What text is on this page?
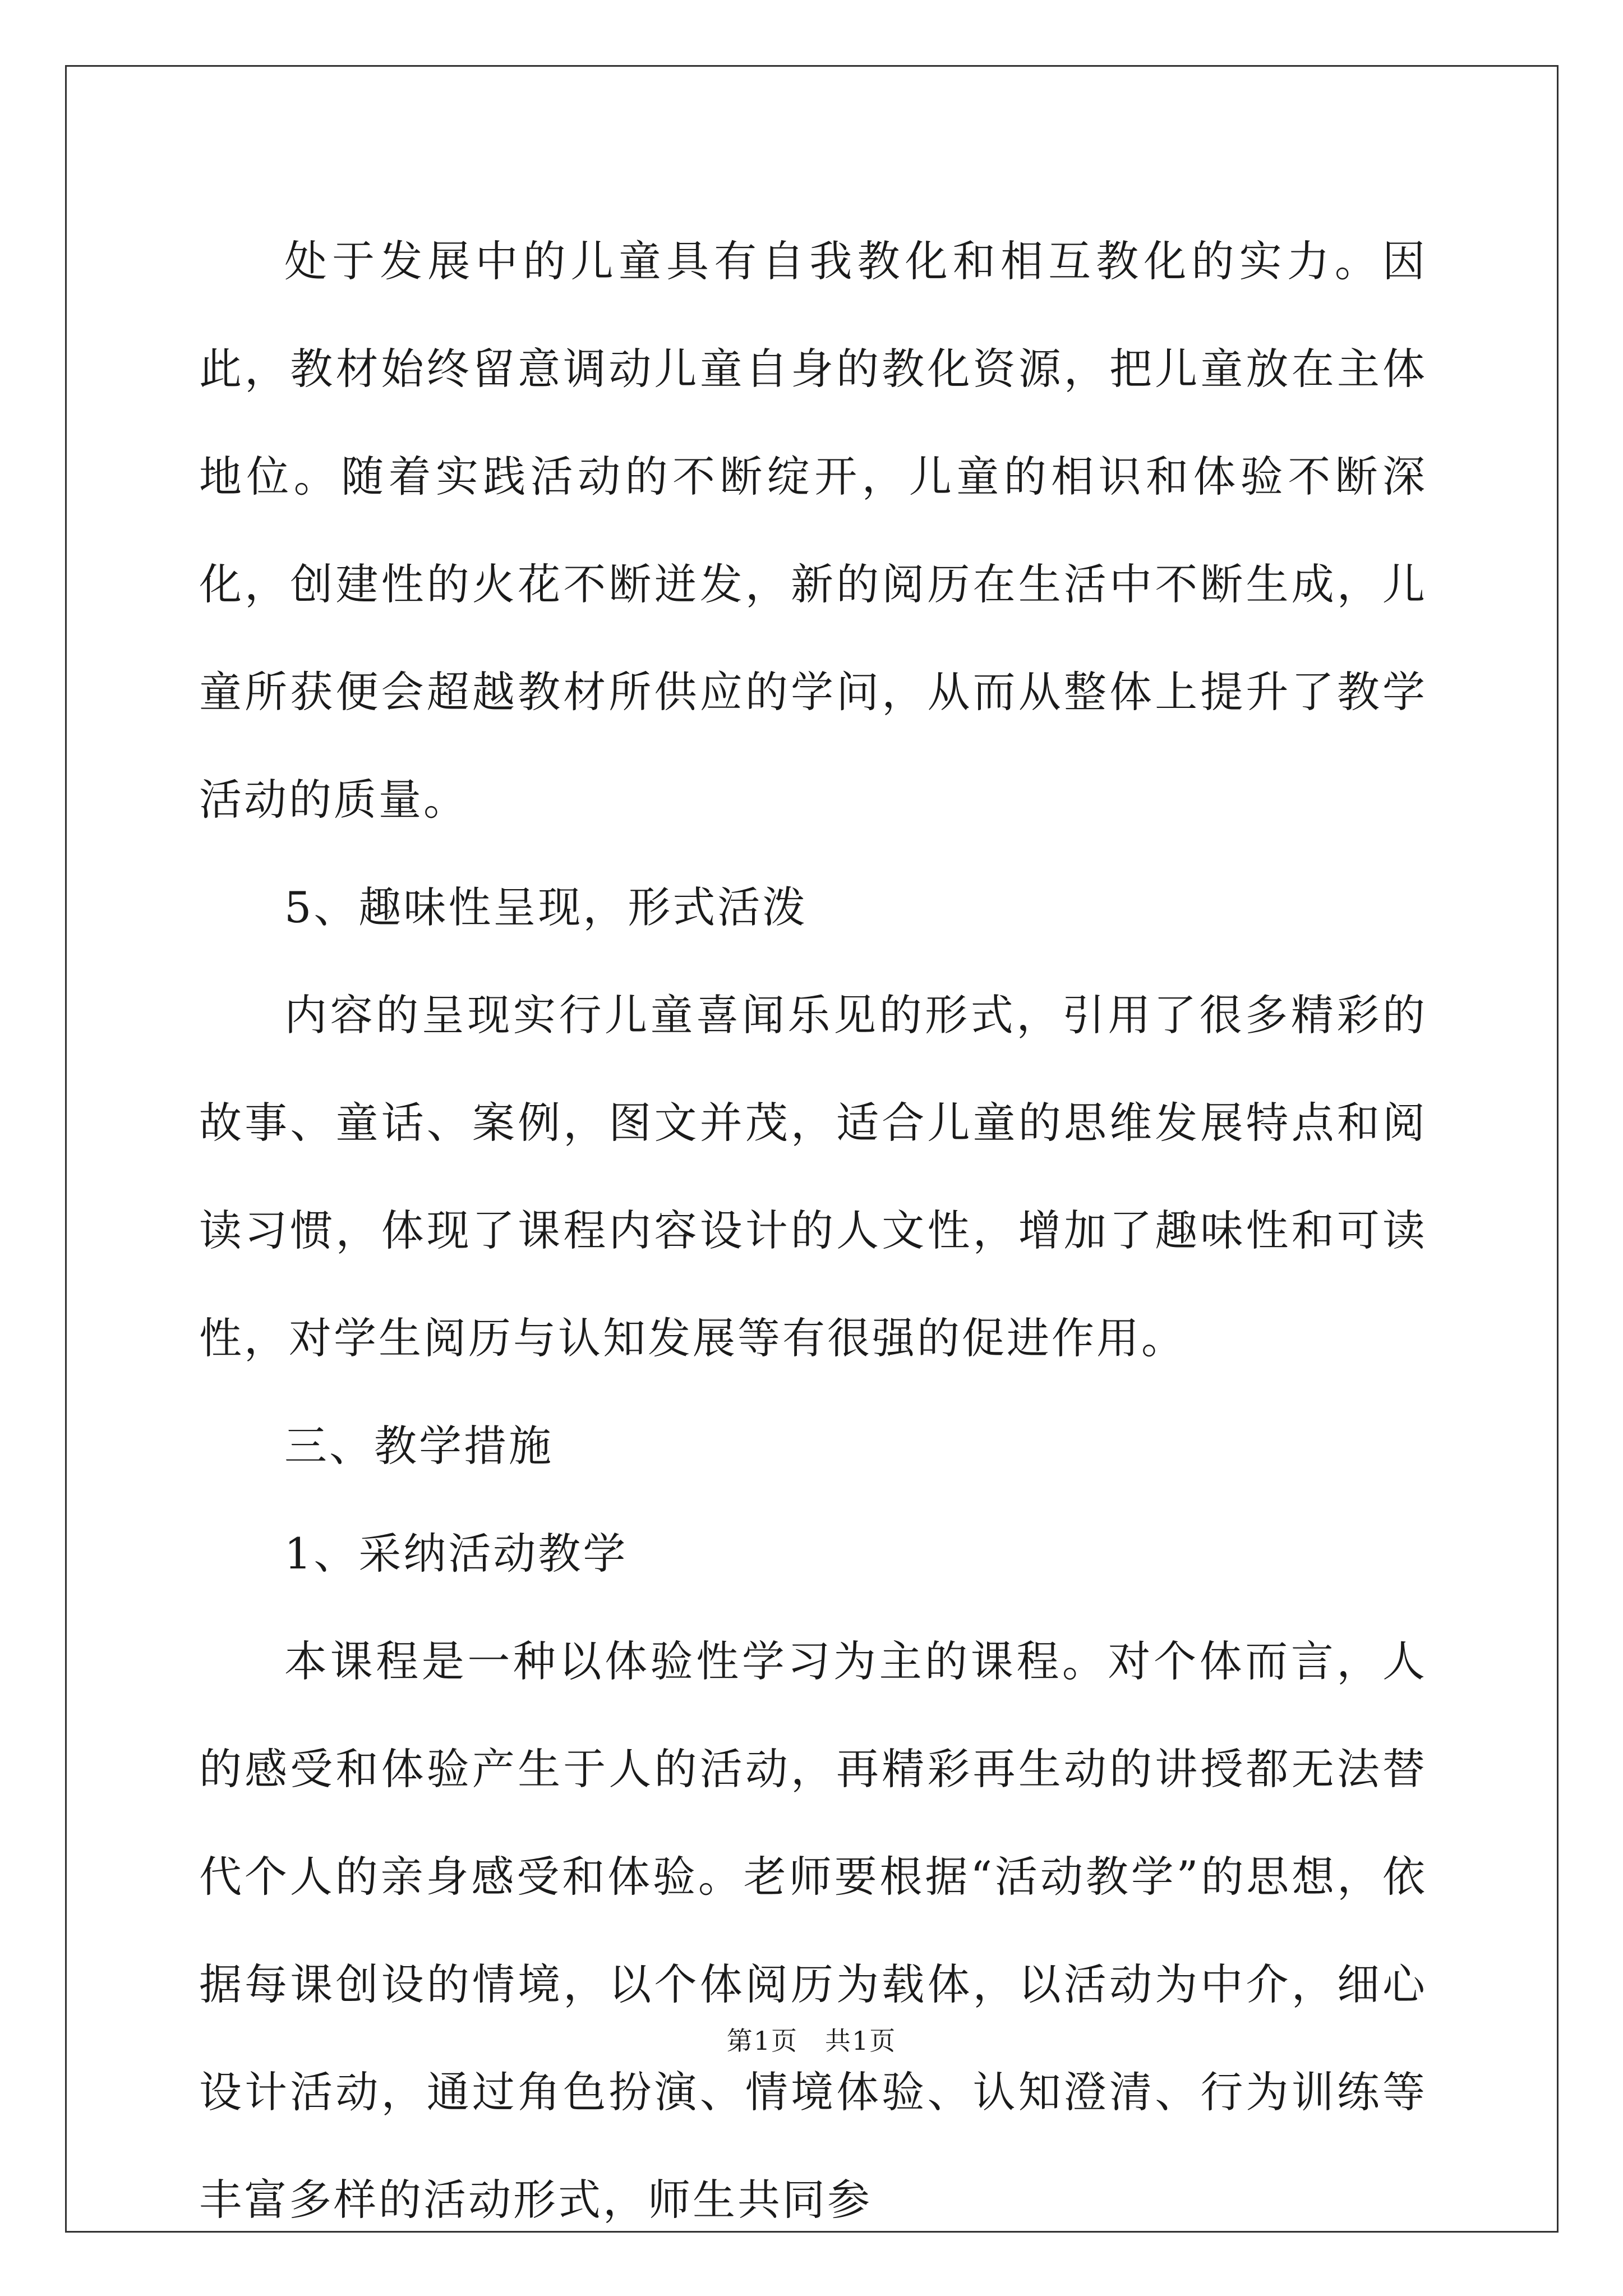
处于发展中的儿童具有自我教化和相互教化的实力。因此，教材始终留意调动儿童自身的教化资源，把儿童放在主体地位。随着实践活动的不断绽开，儿童的相识和体验不断深化，创建性的火花不断迸发，新的阅历在生活中不断生成，儿童所获便会超越教材所供应的学问，从而从整体上提升了教学活动的质量。

5、趣味性呈现，形式活泼

内容的呈现实行儿童喜闻乐见的形式，引用了很多精彩的故事、童话、案例，图文并茂，适合儿童的思维发展特点和阅读习惯，体现了课程内容设计的人文性，增加了趣味性和可读性，对学生阅历与认知发展等有很强的促进作用。

三、教学措施

1、采纳活动教学

本课程是一种以体验性学习为主的课程。对个体而言，人的感受和体验产生于人的活动，再精彩再生动的讲授都无法替代个人的亲身感受和体验。老师要根据“活动教学”的思想，依据每课创设的情境，以个体阅历为载体，以活动为中介，细心设计活动，通过角色扮演、情境体验、认知澄清、行为训练等丰富多样的活动形式，师生共同参

第1页　共1页
